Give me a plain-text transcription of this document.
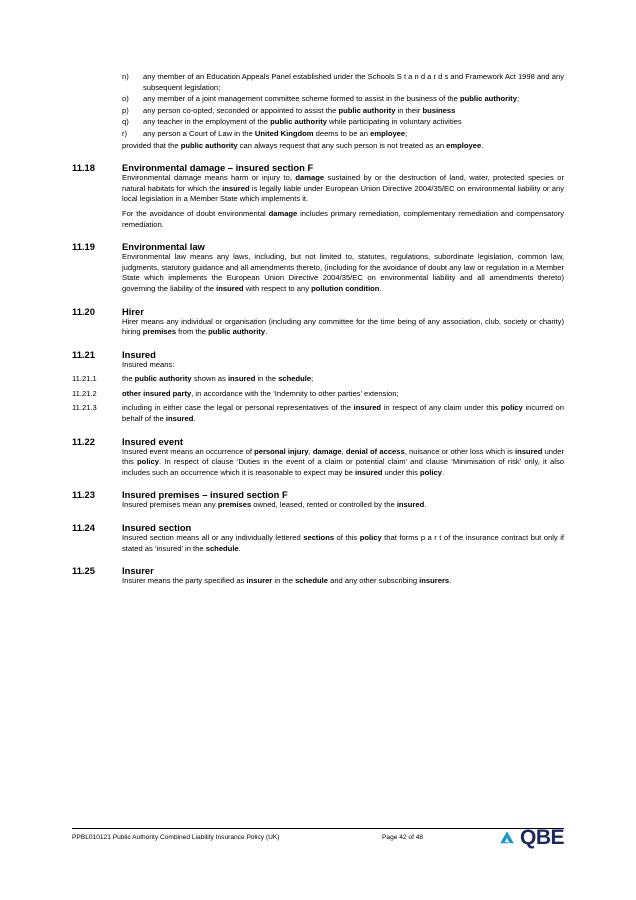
n)	any member of an Education Appeals Panel established under the Schools S t a n d a r d s and Framework Act 1998 and any subsequent legislation;
o)	any member of a joint management committee scheme formed to assist in the business of the public authority;
p)	any person co-opted, seconded or appointed to assist the public authority in their business
q)	any teacher in the employment of the public authority while participating in voluntary activities
r)	any person a Court of Law in the United Kingdom deems to be an employee;
provided that the public authority can always request that any such person is not treated as an employee.
11.18	Environmental damage – insured section F

Environmental damage means harm or injury to, damage sustained by or the destruction of land, water, protected species or natural habitats for which the insured is legally liable under European Union Directive 2004/35/EC on environmental liability or any local legislation in a Member State which implements it.

For the avoidance of doubt environmental damage includes primary remediation, complementary remediation and compensatory remediation.

11.19	Environmental law

Environmental law means any laws, including, but not limited to, statutes, regulations, subordinate legislation, common law, judgments, statutory guidance and all amendments thereto, (including for the avoidance of doubt any law or regulation in a Member State which implements the European Union Directive 2004/35/EC on environmental liability and all amendments thereto) governing the liability of the insured with respect to any pollution condition.

11.20	Hirer

Hirer means any individual or organisation (including any committee for the time being of any association, club, society or charity) hiring premises from the public authority.

11.21	Insured

Insured means:

11.21.1	the public authority shown as insured in the schedule;
11.21.2	other insured party, in accordance with the ‘Indemnity to other parties’ extension;
11.21.3	including in either case the legal or personal representatives of the insured in respect of any claim under this policy incurred on behalf of the insured.
11.22	Insured event

Insured event means an occurrence of personal injury, damage, denial of access, nuisance or other loss which is insured under this policy. In respect of clause ‘Duties in the event of a claim or potential claim’ and clause ‘Minimisation of risk’ only, it also includes such an occurrence which it is reasonable to expect may be insured under this policy.

11.23	Insured premises – insured section F

Insured premises mean any premises owned, leased, rented or controlled by the insured.

11.24	Insured section

Insured section means all or any individually lettered sections of this policy that forms p a r t of the insurance contract but only if stated as ‘insured’ in the schedule.

11.25	Insurer

Insurer means the party specified as insurer in the schedule and any other subscribing insurers.

PPBL010121 Public Authority Combined Liability Insurance Policy (UK)	Page 42 of 48	QBE
